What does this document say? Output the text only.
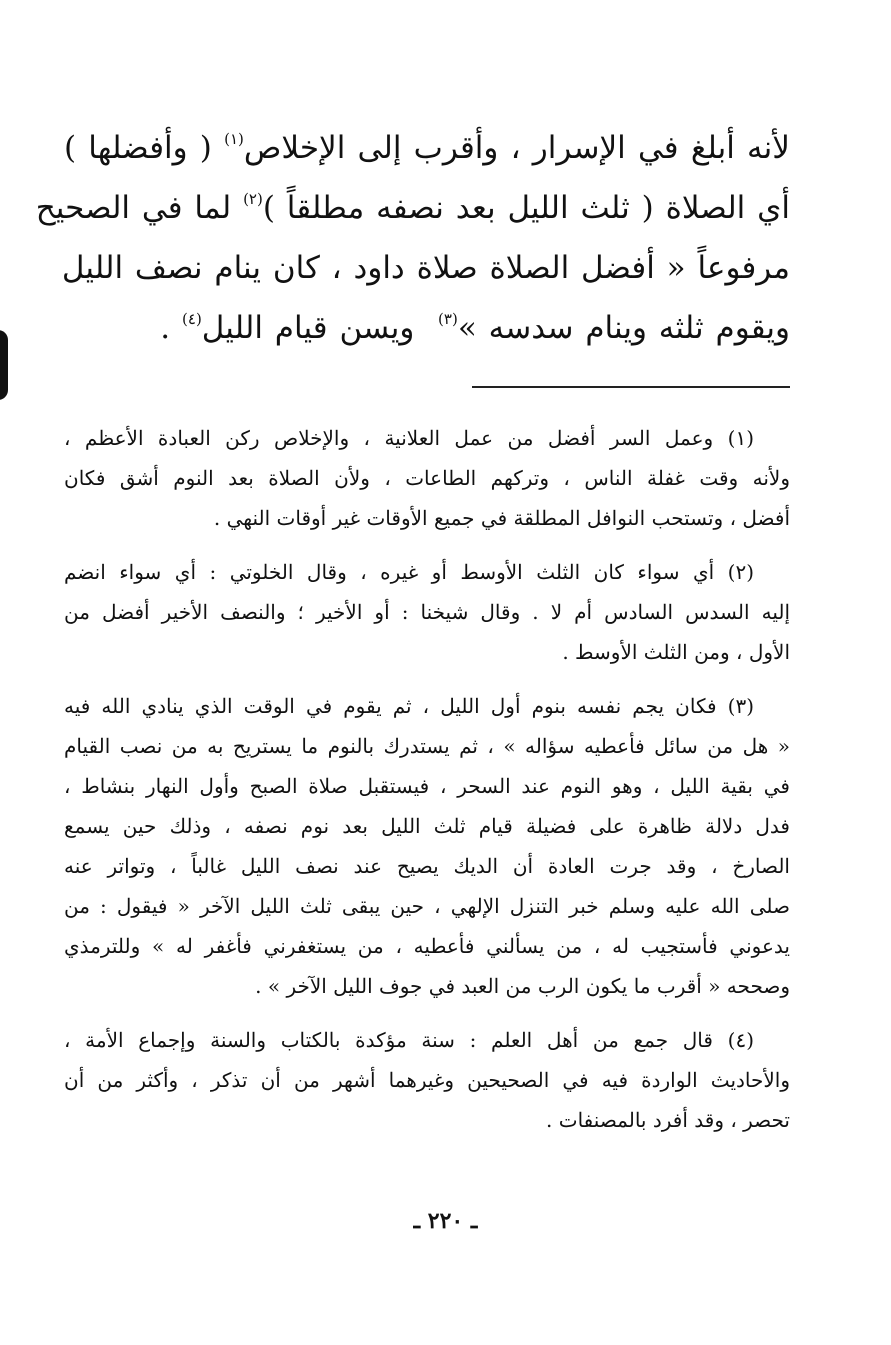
لأنه أبلغ في الإسرار ، وأقرب إلى الإخلاص$^{(١)}$ ( وأفضلها )
أي الصلاة ( ثلث الليل بعد نصفه مطلقاً )$^{(٢)}$ لما في الصحيح
مرفوعاً « أفضل الصلاة صلاة داود ، كان ينام نصف الليل
ويقوم ثلثه وينام سدسه »$^{(٣)}$  ويسن قيام الليل$^{(٤)}$ .
(١) وعمل السر أفضل من عمل العلانية ، والإخلاص ركن العبادة الأعظم ،
ولأنه وقت غفلة الناس ، وتركهم الطاعات ، ولأن الصلاة بعد النوم أشق فكان
أفضل ، وتستحب النوافل المطلقة في جميع الأوقات غير أوقات النهي .
(٢) أي سواء كان الثلث الأوسط أو غيره ، وقال الخلوتي : أي سواء انضم
إليه السدس السادس أم لا . وقال شيخنا : أو الأخير ؛ والنصف الأخير أفضل من
الأول ، ومن الثلث الأوسط .
(٣) فكان يجم نفسه بنوم أول الليل ، ثم يقوم في الوقت الذي ينادي الله فيه
« هل من سائل فأعطيه سؤاله » ، ثم يستدرك بالنوم ما يستريح به من نصب القيام
في بقية الليل ، وهو النوم عند السحر ، فيستقبل صلاة الصبح وأول النهار بنشاط ،
فدل دلالة ظاهرة على فضيلة قيام ثلث الليل بعد نوم نصفه ، وذلك حين يسمع
الصارخ ، وقد جرت العادة أن الديك يصيح عند نصف الليل غالباً ، وتواتر عنه
صلى الله عليه وسلم خبر التنزل الإلهي ، حين يبقى ثلث الليل الآخر « فيقول : من
يدعوني فأستجيب له ، من يسألني فأعطيه ، من يستغفرني فأغفر له » وللترمذي
وصححه « أقرب ما يكون الرب من العبد في جوف الليل الآخر » .
(٤) قال جمع من أهل العلم : سنة مؤكدة بالكتاب والسنة وإجماع الأمة ،
والأحاديث الواردة فيه في الصحيحين وغيرهما أشهر من أن تذكر ، وأكثر من أن
تحصر ، وقد أفرد بالمصنفات .
ـ ٢٢٠ ـ
